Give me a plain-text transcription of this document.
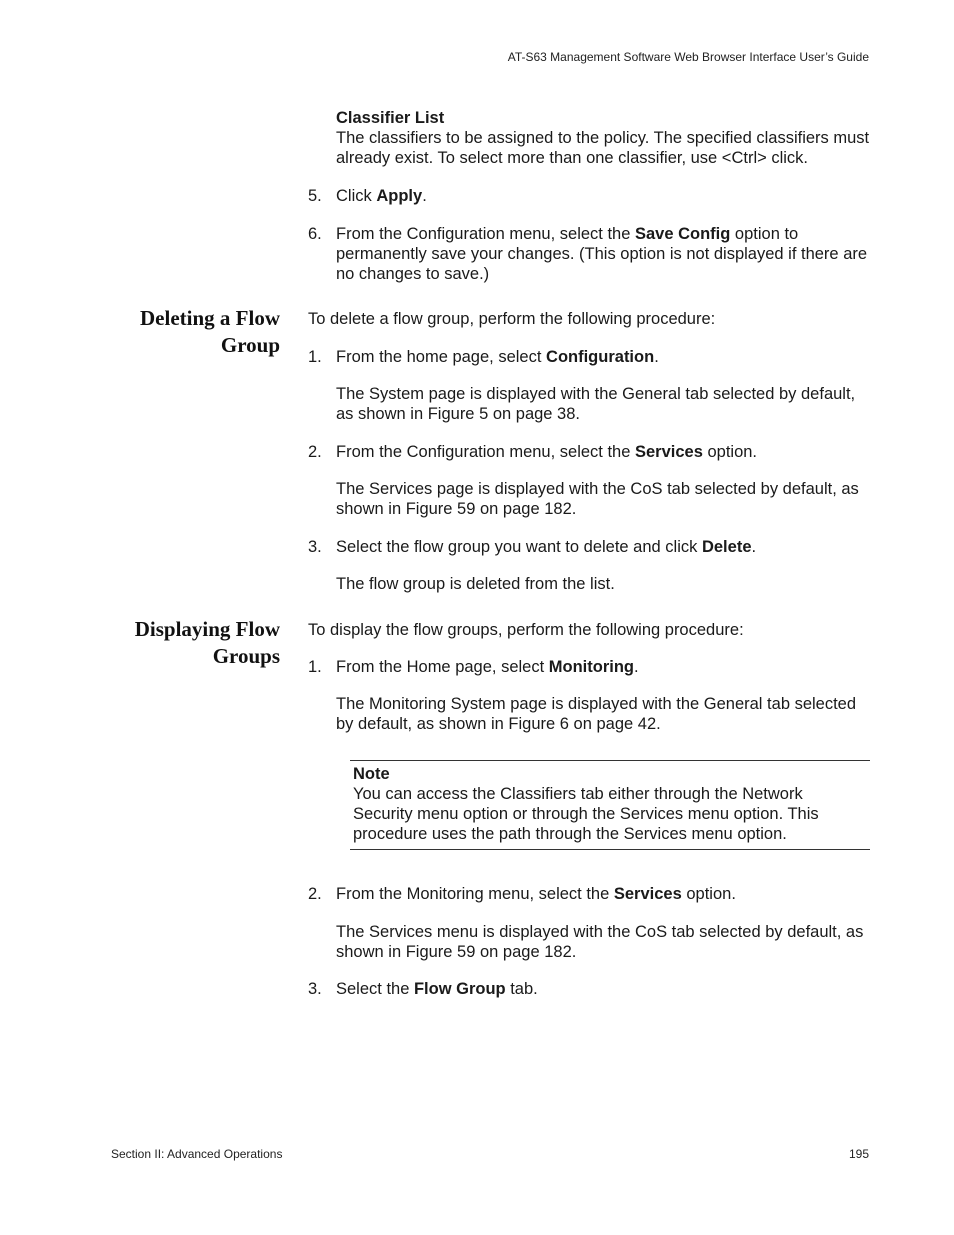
AT-S63 Management Software Web Browser Interface User’s Guide
Classifier List
The classifiers to be assigned to the policy. The specified classifiers must already exist. To select more than one classifier, use <Ctrl> click.
5. Click Apply.
6. From the Configuration menu, select the Save Config option to permanently save your changes. (This option is not displayed if there are no changes to save.)
Deleting a Flow
Group
To delete a flow group, perform the following procedure:
1. From the home page, select Configuration.
The System page is displayed with the General tab selected by default, as shown in Figure 5 on page 38.
2. From the Configuration menu, select the Services option.
The Services page is displayed with the CoS tab selected by default, as shown in Figure 59 on page 182.
3. Select the flow group you want to delete and click Delete.
The flow group is deleted from the list.
Displaying Flow
Groups
To display the flow groups, perform the following procedure:
1. From the Home page, select Monitoring.
The Monitoring System page is displayed with the General tab selected by default, as shown in Figure 6 on page 42.
Note
You can access the Classifiers tab either through the Network Security menu option or through the Services menu option. This procedure uses the path through the Services menu option.
2. From the Monitoring menu, select the Services option.
The Services menu is displayed with the CoS tab selected by default, as shown in Figure 59 on page 182.
3. Select the Flow Group tab.
Section II: Advanced Operations	195
